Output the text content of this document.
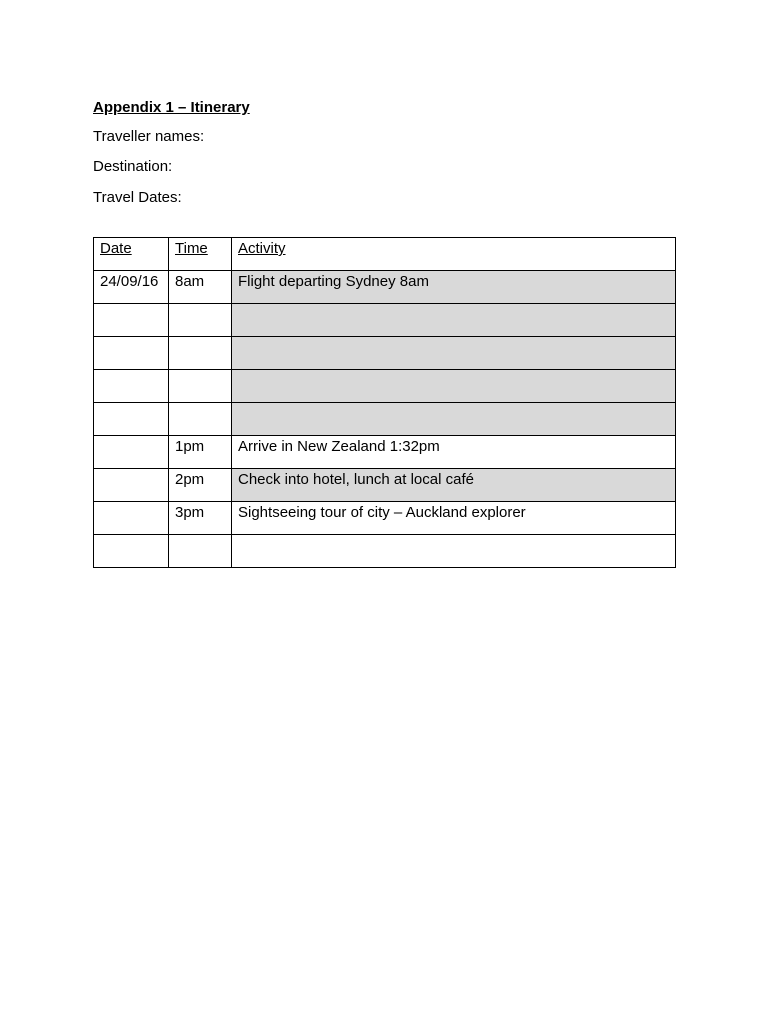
Appendix 1 – Itinerary
Traveller names:
Destination:
Travel Dates:
Date	Time	Activity
24/09/16	8am	Flight departing Sydney 8am

	1pm	Arrive in New Zealand 1:32pm
	2pm	Check into hotel, lunch at local café
	3pm	Sightseeing tour of city – Auckland explorer
